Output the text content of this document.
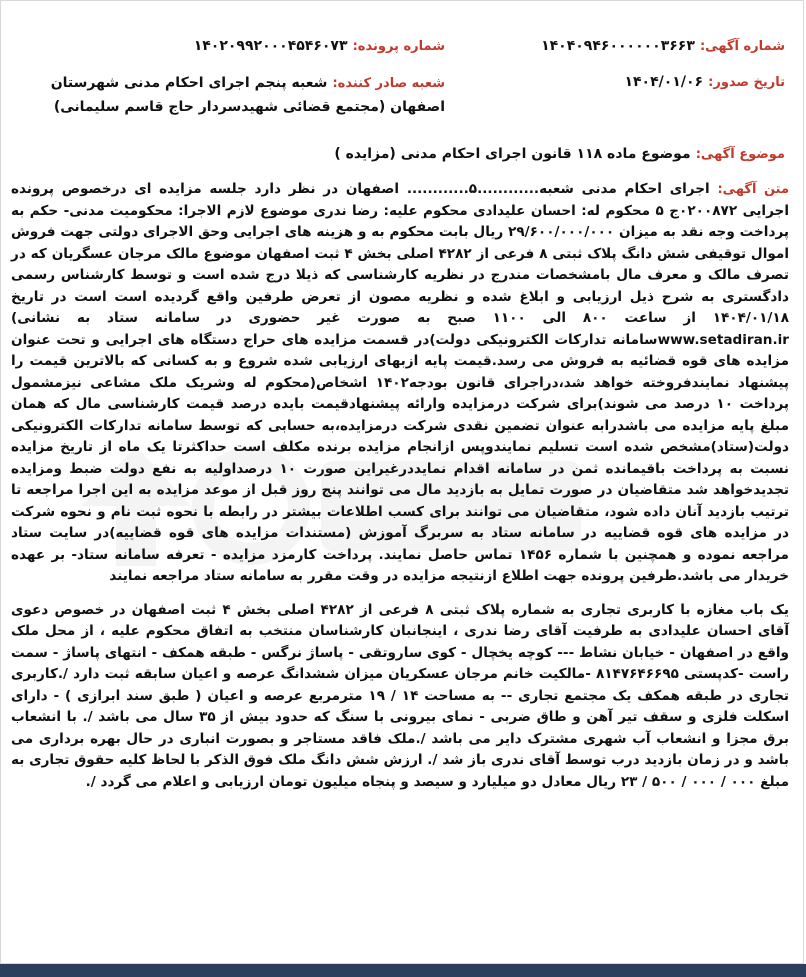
شماره آگهی: ۱۴۰۴۰۹۴۶۰۰۰۰۰۰۳۶۶۳
شماره پرونده: ۱۴۰۲۰۹۹۲۰۰۰۴۵۴۶۰۷۳
تاریخ صدور: ۱۴۰۴/۰۱/۰۶
شعبه صادر کننده: شعبه پنجم اجرای احکام مدنی شهرستان اصفهان (مجتمع قضائی شهیدسردار حاج قاسم سلیمانی)
موضوع آگهی: موضوع ماده ۱۱۸ قانون اجرای احکام مدنی (مزایده )

متن آگهی: اجرای احکام مدنی شعبه............۵............ اصفهان در نظر دارد جلسه مزایده ای درخصوص پرونده اجرایی ۰۲۰۰۸۷۲ج ۵ محکوم له: احسان علیدادی محکوم علیه: رضا ندری موضوع لازم الاجرا: محکومیت مدنی- حکم به پرداخت وجه نقد به میزان ۲۹/۶۰۰/۰۰۰/۰۰۰ ریال بابت محکوم به و هزینه های اجرایی وحق الاجرای دولتی جهت فروش اموال توقیفی شش دانگ پلاک ثبتی ۸ فرعی از ۴۲۸۲ اصلی بخش ۴ ثبت اصفهان موضوع مالک مرجان عسگریان که در تصرف مالک و معرف مال بامشخصات مندرج در نظریه کارشناسی که ذیلا درج شده است و توسط کارشناس رسمی دادگستری به شرح ذیل ارزیابی و ابلاغ شده و نظریه مصون از تعرض طرفین واقع گردیده است است در تاریخ ۱۴۰۴/۰۱/۱۸ از ساعت ۸۰۰ الی ۱۱۰۰ صبح به صورت غیر حضوری در سامانه ستاد به نشانی) www.setadiran.irسامانه تدارکات الکترونیکی دولت)در قسمت مزایده های حراج دستگاه های اجرایی و تحت عنوان مزایده های قوه قضائیه به فروش می رسد.قیمت پایه ازبهای ارزیابی شده شروع و به کسانی که بالاترین قیمت را پیشنهاد نمایندفروخته خواهد شد،دراجرای قانون بودجه۱۴۰۲ اشخاص(محکوم له وشریک ملک مشاعی نیزمشمول پرداخت ۱۰ درصد می شوند)برای شرکت درمزایده وارائه پیشنهادقیمت بایده درصد قیمت کارشناسی مال که همان مبلغ پایه مزایده می باشدرابه عنوان تضمین نقدی شرکت درمزایده،به حسابی که توسط سامانه تدارکات الکترونیکی دولت(ستاد)مشخص شده است تسلیم نمایندوپس ازانجام مزایده برنده مکلف است حداکثرتا یک ماه از تاریخ مزایده نسبت به پرداخت باقیمانده ثمن در سامانه اقدام نمایددرغیراین صورت ۱۰ درصداولیه به نفع دولت ضبط ومزایده تجدیدخواهد شد متقاضیان در صورت تمایل به بازدید مال می توانند پنج روز قبل از موعد مزایده به این اجرا مراجعه تا ترتیب بازدید آنان داده شود، متقاضیان می توانند برای کسب اطلاعات بیشتر در رابطه با نحوه ثبت نام و نحوه شرکت در مزایده های قوه قضاییه در سامانه ستاد به سربرگ آموزش (مستندات مزایده های قوه قضاییه)در سایت ستاد مراجعه نموده و همچنین با شماره ۱۴۵۶ تماس حاصل نمایند. پرداخت کارمزد مزایده - تعرفه سامانه ستاد- بر عهده خریدار می باشد.طرفین پرونده جهت اطلاع ازنتیجه مزایده در وقت مقرر به سامانه ستاد مراجعه نمایند

یک باب مغازه با کاربری تجاری به شماره پلاک ثبتی ۸ فرعی از ۴۲۸۲ اصلی بخش ۴ ثبت اصفهان در خصوص دعوی آقای احسان علیدادی به طرفیت آقای رضا ندری ، اینجانبان کارشناسان منتخب به اتفاق محکوم علیه ، از محل ملک واقع در اصفهان - خیابان نشاط --- کوچه یخچال - کوی ساروتقی - پاساژ نرگس - طبقه همکف - انتهای پاساژ - سمت راست -کدپستی ۸۱۴۷۶۴۶۶۹۵ -مالکیت خانم مرجان عسکریان میزان ششدانگ عرصه و اعیان سابقه ثبت دارد /.کاربری تجاری در طبقه همکف یک مجتمع تجاری -- به مساحت ۱۴ / ۱۹ مترمربع عرصه و اعیان ( طبق سند ابرازی ) - دارای اسکلت فلزی و سقف تیر آهن و طاق ضربی - نمای بیرونی با سنگ که حدود بیش از ۳۵ سال می باشد /. با انشعاب برق مجزا و انشعاب آب شهری مشترک دایر می باشد /.ملک فاقد مستاجر و بصورت انباری در حال بهره برداری می باشد و در زمان بازدید درب توسط آقای ندری باز شد /. ارزش شش دانگ ملک فوق الذکر با لحاظ کلیه حقوق تجاری به مبلغ ۰۰۰ / ۰۰۰ / ۵۰۰ / ۲۳ ریال معادل دو میلیارد و سیصد و پنجاه میلیون تومان ارزیابی و اعلام می گردد /.
